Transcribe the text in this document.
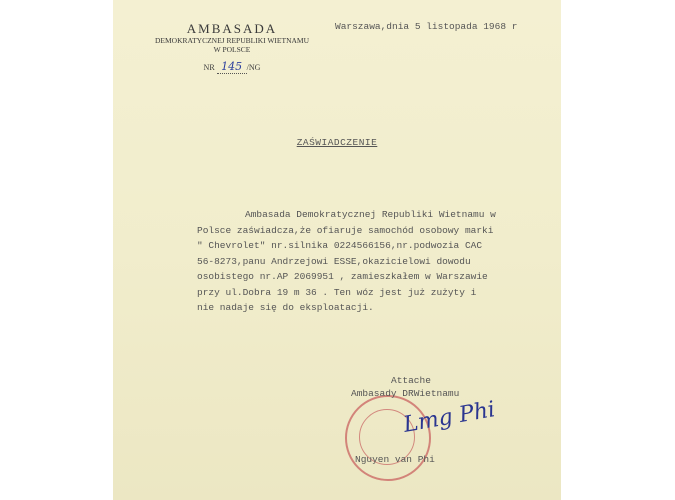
AMBASADA
DEMOKRATYCZNEJ REPUBLIKI WIETNAMU
W POLSCE
NR 145 /NG
Warszawa,dnia 5 listopada 1968 r
ZAŚWIADCZENIE
Ambasada Demokratycznej Republiki Wietnamu w
Polsce zaświadcza,że ofiaruje samochód osobowy marki
" Chevrolet" nr.silnika 0224566156,nr.podwozia CAC
56-8273,panu Andrzejowi ESSE,okazicielowi dowodu
osobistego nr.AP 2069951 , zamieszkałem w Warszawie
przy ul.Dobra 19 m 36 . Ten wóz jest już zużyty i
nie nadaje się do eksploatacji.
Lmg Phi
Attache
Ambasady DRWietnamu
Nguyen van Phi
